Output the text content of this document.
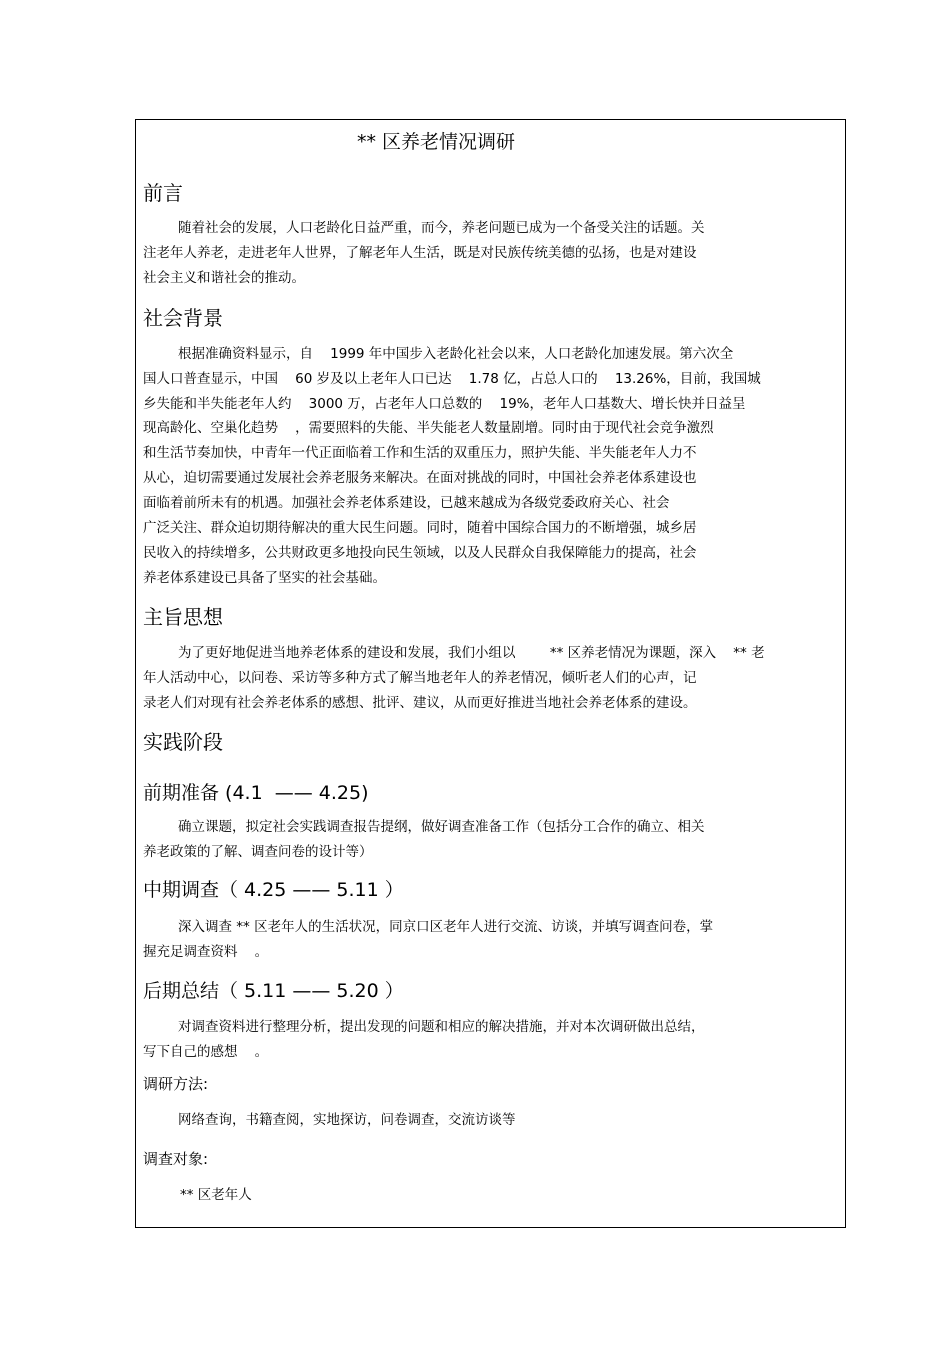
** 区养老情况调研
前言
随着社会的发展，人口老龄化日益严重，而今，养老问题已成为一个备受关注的话题。关
注老年人养老，走进老年人世界，了解老年人生活，既是对民族传统美德的弘扬，也是对建设
社会主义和谐社会的推动。
社会背景
根据准确资料显示，自    1999 年中国步入老龄化社会以来，人口老龄化加速发展。第六次全
国人口普查显示，中国    60 岁及以上老年人口已达    1.78 亿，占总人口的    13.26%，目前，我国城
乡失能和半失能老年人约    3000 万，占老年人口总数的    19%，老年人口基数大、增长快并日益呈
现高龄化、空巢化趋势    ，需要照料的失能、半失能老人数量剧增。同时由于现代社会竞争激烈
和生活节奏加快，中青年一代正面临着工作和生活的双重压力，照护失能、半失能老年人力不
从心，迫切需要通过发展社会养老服务来解决。在面对挑战的同时，中国社会养老体系建设也
面临着前所未有的机遇。加强社会养老体系建设，已越来越成为各级党委政府关心、社会
广泛关注、群众迫切期待解决的重大民生问题。同时，随着中国综合国力的不断增强，城乡居
民收入的持续增多，公共财政更多地投向民生领域，以及人民群众自我保障能力的提高，社会
养老体系建设已具备了坚实的社会基础。
主旨思想
为了更好地促进当地养老体系的建设和发展，我们小组以        ** 区养老情况为课题，深入    ** 老
年人活动中心，以问卷、采访等多种方式了解当地老年人的养老情况，倾听老人们的心声，记
录老人们对现有社会养老体系的感想、批评、建议，从而更好推进当地社会养老体系的建设。
实践阶段
前期准备 (4.1  —— 4.25)
确立课题，拟定社会实践调查报告提纲，做好调查准备工作（包括分工合作的确立、相关
养老政策的了解、调查问卷的设计等）
中期调查（ 4.25 —— 5.11 ）
深入调查 ** 区老年人的生活状况，同京口区老年人进行交流、访谈，并填写调查问卷，掌
握充足调查资料    。
后期总结（ 5.11 —— 5.20 ）
对调查资料进行整理分析，提出发现的问题和相应的解决措施，并对本次调研做出总结，
写下自己的感想    。
调研方法:
网络查询，书籍查阅，实地探访，问卷调查，交流访谈等
调查对象:
** 区老年人
